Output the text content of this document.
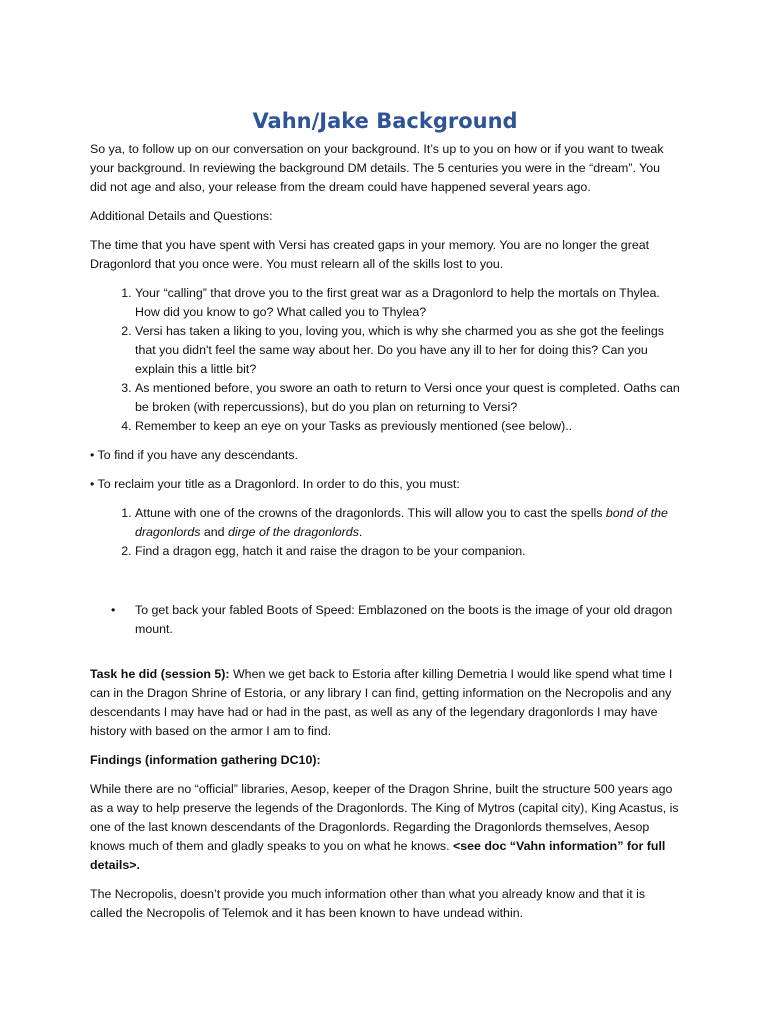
Vahn/Jake Background

So ya, to follow up on our conversation on your background. It’s up to you on how or if you want to tweak your background. In reviewing the background DM details. The 5 centuries you were in the “dream”. You did not age and also, your release from the dream could have happened several years ago.

Additional Details and Questions:

The time that you have spent with Versi has created gaps in your memory. You are no longer the great Dragonlord that you once were. You must relearn all of the skills lost to you.

1. Your “calling” that drove you to the first great war as a Dragonlord to help the mortals on Thylea. How did you know to go? What called you to Thylea?
2. Versi has taken a liking to you, loving you, which is why she charmed you as she got the feelings that you didn't feel the same way about her. Do you have any ill to her for doing this? Can you explain this a little bit?
3. As mentioned before, you swore an oath to return to Versi once your quest is completed. Oaths can be broken (with repercussions), but do you plan on returning to Versi?
4. Remember to keep an eye on your Tasks as previously mentioned (see below)..

• To find if you have any descendants.

• To reclaim your title as a Dragonlord. In order to do this, you must:

1. Attune with one of the crowns of the dragonlords. This will allow you to cast the spells bond of the dragonlords and dirge of the dragonlords.
2. Find a dragon egg, hatch it and raise the dragon to be your companion.
• To get back your fabled Boots of Speed: Emblazoned on the boots is the image of your old dragon mount.

Task he did (session 5): When we get back to Estoria after killing Demetria I would like spend what time I can in the Dragon Shrine of Estoria, or any library I can find, getting information on the Necropolis and any descendants I may have had or had in the past, as well as any of the legendary dragonlords I may have history with based on the armor I am to find.

Findings (information gathering DC10):

While there are no “official” libraries, Aesop, keeper of the Dragon Shrine, built the structure 500 years ago as a way to help preserve the legends of the Dragonlords. The King of Mytros (capital city), King Acastus, is one of the last known descendants of the Dragonlords. Regarding the Dragonlords themselves, Aesop knows much of them and gladly speaks to you on what he knows. <see doc “Vahn information” for full details>.

The Necropolis, doesn’t provide you much information other than what you already know and that it is called the Necropolis of Telemok and it has been known to have undead within.
